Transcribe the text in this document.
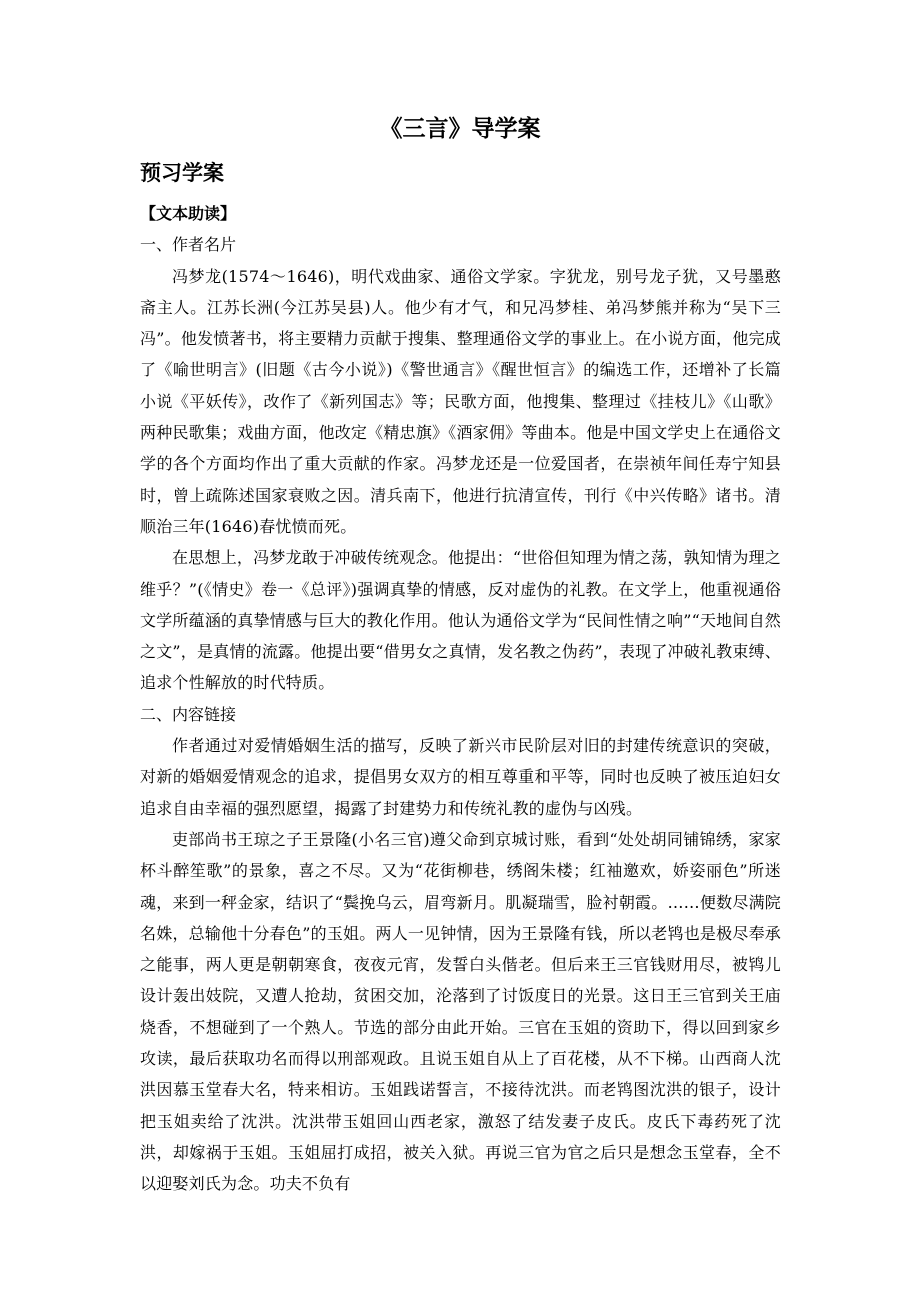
《三言》导学案
预习学案
【文本助读】
一、作者名片

冯梦龙(1574～1646)，明代戏曲家、通俗文学家。字犹龙，别号龙子犹，又号墨憨斋主人。江苏长洲(今江苏吴县)人。他少有才气，和兄冯梦桂、弟冯梦熊并称为“吴下三冯”。他发愤著书，将主要精力贡献于搜集、整理通俗文学的事业上。在小说方面，他完成了《喻世明言》(旧题《古今小说》)《警世通言》《醒世恒言》的编选工作，还增补了长篇小说《平妖传》，改作了《新列国志》等；民歌方面，他搜集、整理过《挂枝儿》《山歌》两种民歌集；戏曲方面，他改定《精忠旗》《酒家佣》等曲本。他是中国文学史上在通俗文学的各个方面均作出了重大贡献的作家。冯梦龙还是一位爱国者，在崇祯年间任寿宁知县时，曾上疏陈述国家衰败之因。清兵南下，他进行抗清宣传，刊行《中兴传略》诸书。清顺治三年(1646)春忧愤而死。

在思想上，冯梦龙敢于冲破传统观念。他提出：“世俗但知理为情之荡，孰知情为理之维乎？”(《情史》卷一《总评》)强调真挚的情感，反对虚伪的礼教。在文学上，他重视通俗文学所蕴涵的真挚情感与巨大的教化作用。他认为通俗文学为“民间性情之响”“天地间自然之文”，是真情的流露。他提出要“借男女之真情，发名教之伪药”，表现了冲破礼教束缚、追求个性解放的时代特质。

二、内容链接

作者通过对爱情婚姻生活的描写，反映了新兴市民阶层对旧的封建传统意识的突破，对新的婚姻爱情观念的追求，提倡男女双方的相互尊重和平等，同时也反映了被压迫妇女追求自由幸福的强烈愿望，揭露了封建势力和传统礼教的虚伪与凶残。

吏部尚书王琼之子王景隆(小名三官)遵父命到京城讨账，看到“处处胡同铺锦绣，家家杯斗醉笙歌”的景象，喜之不尽。又为“花街柳巷，绣阁朱楼；红袖邀欢，娇姿丽色”所迷魂，来到一秤金家，结识了“鬓挽乌云，眉弯新月。肌凝瑞雪，脸衬朝霞。……便数尽满院名姝，总输他十分春色”的玉姐。两人一见钟情，因为王景隆有钱，所以老鸨也是极尽奉承之能事，两人更是朝朝寒食，夜夜元宵，发誓白头偕老。但后来王三官钱财用尽，被鸨儿设计轰出妓院，又遭人抢劫，贫困交加，沦落到了讨饭度日的光景。这日王三官到关王庙烧香，不想碰到了一个熟人。节选的部分由此开始。三官在玉姐的资助下，得以回到家乡攻读，最后获取功名而得以刑部观政。且说玉姐自从上了百花楼，从不下梯。山西商人沈洪因慕玉堂春大名，特来相访。玉姐践诺誓言，不接待沈洪。而老鸨图沈洪的银子，设计把玉姐卖给了沈洪。沈洪带玉姐回山西老家，激怒了结发妻子皮氏。皮氏下毒药死了沈洪，却嫁祸于玉姐。玉姐屈打成招，被关入狱。再说三官为官之后只是想念玉堂春，全不以迎娶刘氏为念。功夫不负有
